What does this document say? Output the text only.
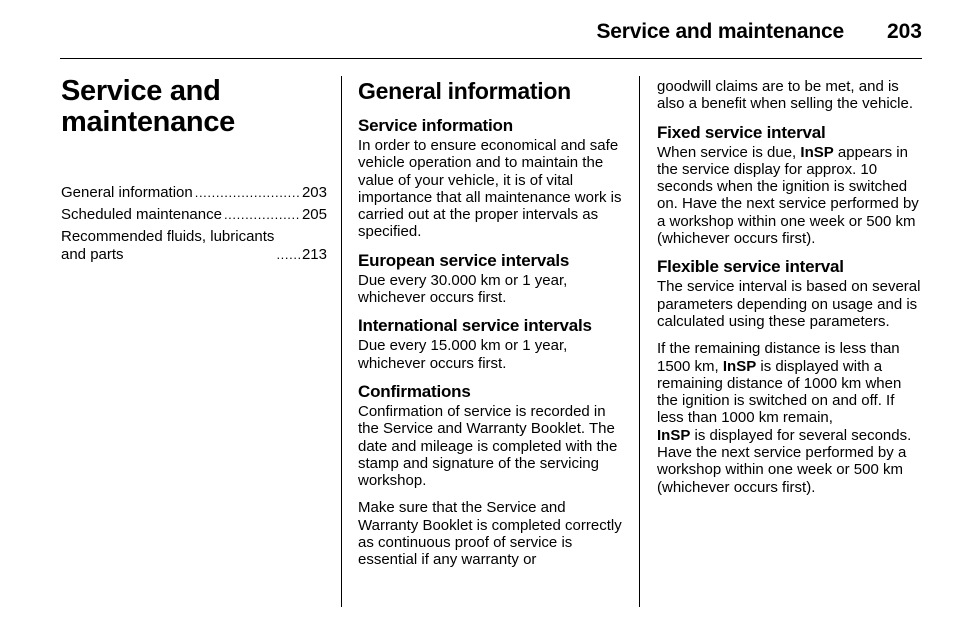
Service and maintenance 203
Service and
maintenance
General information . . .	203
Scheduled maintenance . . .	205
Recommended fluids, lubricants
and parts . . .	213
General information
Service information

In order to ensure economical and safe vehicle operation and to maintain the value of your vehicle, it is of vital importance that all maintenance work is carried out at the proper intervals as specified.

European service intervals

Due every 30.000 km or 1 year, whichever occurs first.

International service intervals

Due every 15.000 km or 1 year, whichever occurs first.

Confirmations

Confirmation of service is recorded in the Service and Warranty Booklet. The date and mileage is completed with the stamp and signature of the servicing workshop.

Make sure that the Service and Warranty Booklet is completed correctly as continuous proof of service is essential if any warranty or

goodwill claims are to be met, and is also a benefit when selling the vehicle.

Fixed service interval

When service is due, InSP appears in the service display for approx. 10 seconds when the ignition is switched on. Have the next service performed by a workshop within one week or 500 km (whichever occurs first).

Flexible service interval

The service interval is based on several parameters depending on usage and is calculated using these parameters.

If the remaining distance is less than 1500 km, InSP is displayed with a remaining distance of 1000 km when the ignition is switched on and off. If less than 1000 km remain,
InSP is displayed for several seconds. Have the next service performed by a workshop within one week or 500 km (whichever occurs first).
